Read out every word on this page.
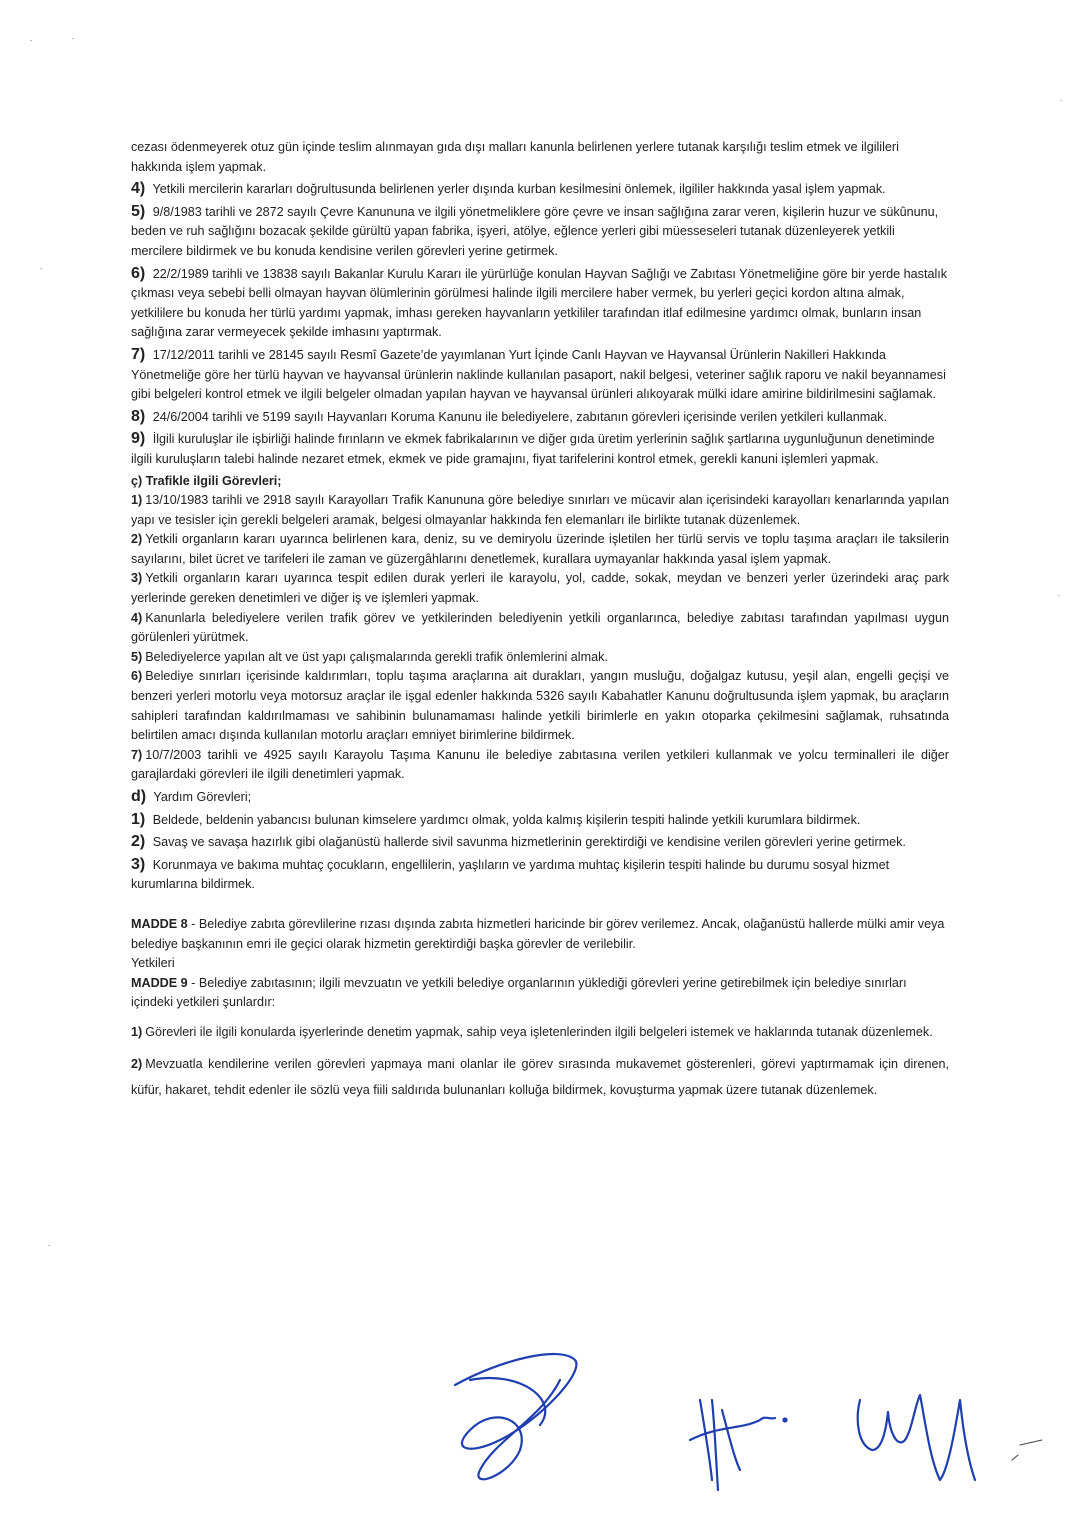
cezası ödenmeyerek otuz gün içinde teslim alınmayan gıda dışı malları kanunla belirlenen yerlere tutanak karşılığı teslim etmek ve ilgilileri hakkında işlem yapmak.

4) Yetkili mercilerin kararları doğrultusunda belirlenen yerler dışında kurban kesilmesini önlemek, ilgililer hakkında yasal işlem yapmak.

5) 9/8/1983 tarihli ve 2872 sayılı Çevre Kanununa ve ilgili yönetmeliklere göre çevre ve insan sağlığına zarar veren, kişilerin huzur ve sükûnunu, beden ve ruh sağlığını bozacak şekilde gürültü yapan fabrika, işyeri, atölye, eğlence yerleri gibi müesseseleri tutanak düzenleyerek yetkili mercilere bildirmek ve bu konuda kendisine verilen görevleri yerine getirmek.

6) 22/2/1989 tarihli ve 13838 sayılı Bakanlar Kurulu Kararı ile yürürlüğe konulan Hayvan Sağlığı ve Zabıtası Yönetmeliğine göre bir yerde hastalık çıkması veya sebebi belli olmayan hayvan ölümlerinin görülmesi halinde ilgili mercilere haber vermek, bu yerleri geçici kordon altına almak, yetkililere bu konuda her türlü yardımı yapmak, imhası gereken hayvanların yetkililer tarafından itlaf edilmesine yardımcı olmak, bunların insan sağlığına zarar vermeyecek şekilde imhasını yaptırmak.

7) 17/12/2011 tarihli ve 28145 sayılı Resmî Gazete’de yayımlanan Yurt İçinde Canlı Hayvan ve Hayvansal Ürünlerin Nakilleri Hakkında Yönetmeliğe göre her türlü hayvan ve hayvansal ürünlerin naklinde kullanılan pasaport, nakil belgesi, veteriner sağlık raporu ve nakil beyannamesi gibi belgeleri kontrol etmek ve ilgili belgeler olmadan yapılan hayvan ve hayvansal ürünleri alıkoyarak mülki idare amirine bildirilmesini sağlamak.

8) 24/6/2004 tarihli ve 5199 sayılı Hayvanları Koruma Kanunu ile belediyelere, zabıtanın görevleri içerisinde verilen yetkileri kullanmak.

9) İlgili kuruluşlar ile işbirliği halinde fırınların ve ekmek fabrikalarının ve diğer gıda üretim yerlerinin sağlık şartlarına uygunluğunun denetiminde ilgili kuruluşların talebi halinde nezaret etmek, ekmek ve pide gramajını, fiyat tarifelerini kontrol etmek, gerekli kanuni işlemleri yapmak.

ç) Trafikle ilgili Görevleri;

1) 13/10/1983 tarihli ve 2918 sayılı Karayolları Trafik Kanununa göre belediye sınırları ve mücavir alan içerisindeki karayolları kenarlarında yapılan yapı ve tesisler için gerekli belgeleri aramak, belgesi olmayanlar hakkında fen elemanları ile birlikte tutanak düzenlemek.

2) Yetkili organların kararı uyarınca belirlenen kara, deniz, su ve demiryolu üzerinde işletilen her türlü servis ve toplu taşıma araçları ile taksilerin sayılarını, bilet ücret ve tarifeleri ile zaman ve güzergâhlarını denetlemek, kurallara uymayanlar hakkında yasal işlem yapmak.

3) Yetkili organların kararı uyarınca tespit edilen durak yerleri ile karayolu, yol, cadde, sokak, meydan ve benzeri yerler üzerindeki araç park yerlerinde gereken denetimleri ve diğer iş ve işlemleri yapmak.

4) Kanunlarla belediyelere verilen trafik görev ve yetkilerinden belediyenin yetkili organlarınca, belediye zabıtası tarafından yapılması uygun görülenleri yürütmek.

5) Belediyelerce yapılan alt ve üst yapı çalışmalarında gerekli trafik önlemlerini almak.

6) Belediye sınırları içerisinde kaldırımları, toplu taşıma araçlarına ait durakları, yangın musluğu, doğalgaz kutusu, yeşil alan, engelli geçişi ve benzeri yerleri motorlu veya motorsuz araçlar ile işgal edenler hakkında 5326 sayılı Kabahatler Kanunu doğrultusunda işlem yapmak, bu araçların sahipleri tarafından kaldırılmaması ve sahibinin bulunamaması halinde yetkili birimlerle en yakın otoparka çekilmesini sağlamak, ruhsatında belirtilen amacı dışında kullanılan motorlu araçları emniyet birimlerine bildirmek.

7) 10/7/2003 tarihli ve 4925 sayılı Karayolu Taşıma Kanunu ile belediye zabıtasına verilen yetkileri kullanmak ve yolcu terminalleri ile diğer garajlardaki görevleri ile ilgili denetimleri yapmak.

d) Yardım Görevleri;

1) Beldede, beldenin yabancısı bulunan kimselere yardımcı olmak, yolda kalmış kişilerin tespiti halinde yetkili kurumlara bildirmek.

2) Savaş ve savaşa hazırlık gibi olağanüstü hallerde sivil savunma hizmetlerinin gerektirdiği ve kendisine verilen görevleri yerine getirmek.

3) Korunmaya ve bakıma muhtaç çocukların, engellilerin, yaşlıların ve yardıma muhtaç kişilerin tespiti halinde bu durumu sosyal hizmet kurumlarına bildirmek.

MADDE 8 - Belediye zabıta görevlilerine rızası dışında zabıta hizmetleri haricinde bir görev verilemez. Ancak, olağanüstü hallerde mülki amir veya belediye başkanının emri ile geçici olarak hizmetin gerektirdiği başka görevler de verilebilir.

Yetkileri

MADDE 9 - Belediye zabıtasının; ilgili mevzuatın ve yetkili belediye organlarının yüklediği görevleri yerine getirebilmek için belediye sınırları içindeki yetkileri şunlardır:

1) Görevleri ile ilgili konularda işyerlerinde denetim yapmak, sahip veya işletenlerinden ilgili belgeleri istemek ve haklarında tutanak düzenlemek.

2) Mevzuatla kendilerine verilen görevleri yapmaya mani olanlar ile görev sırasında mukavemet gösterenleri, görevi yaptırmamak için direnen, küfür, hakaret, tehdit edenler ile sözlü veya fiili saldırıda bulunanları kolluğa bildirmek, kovuşturma yapmak üzere tutanak düzenlemek.
